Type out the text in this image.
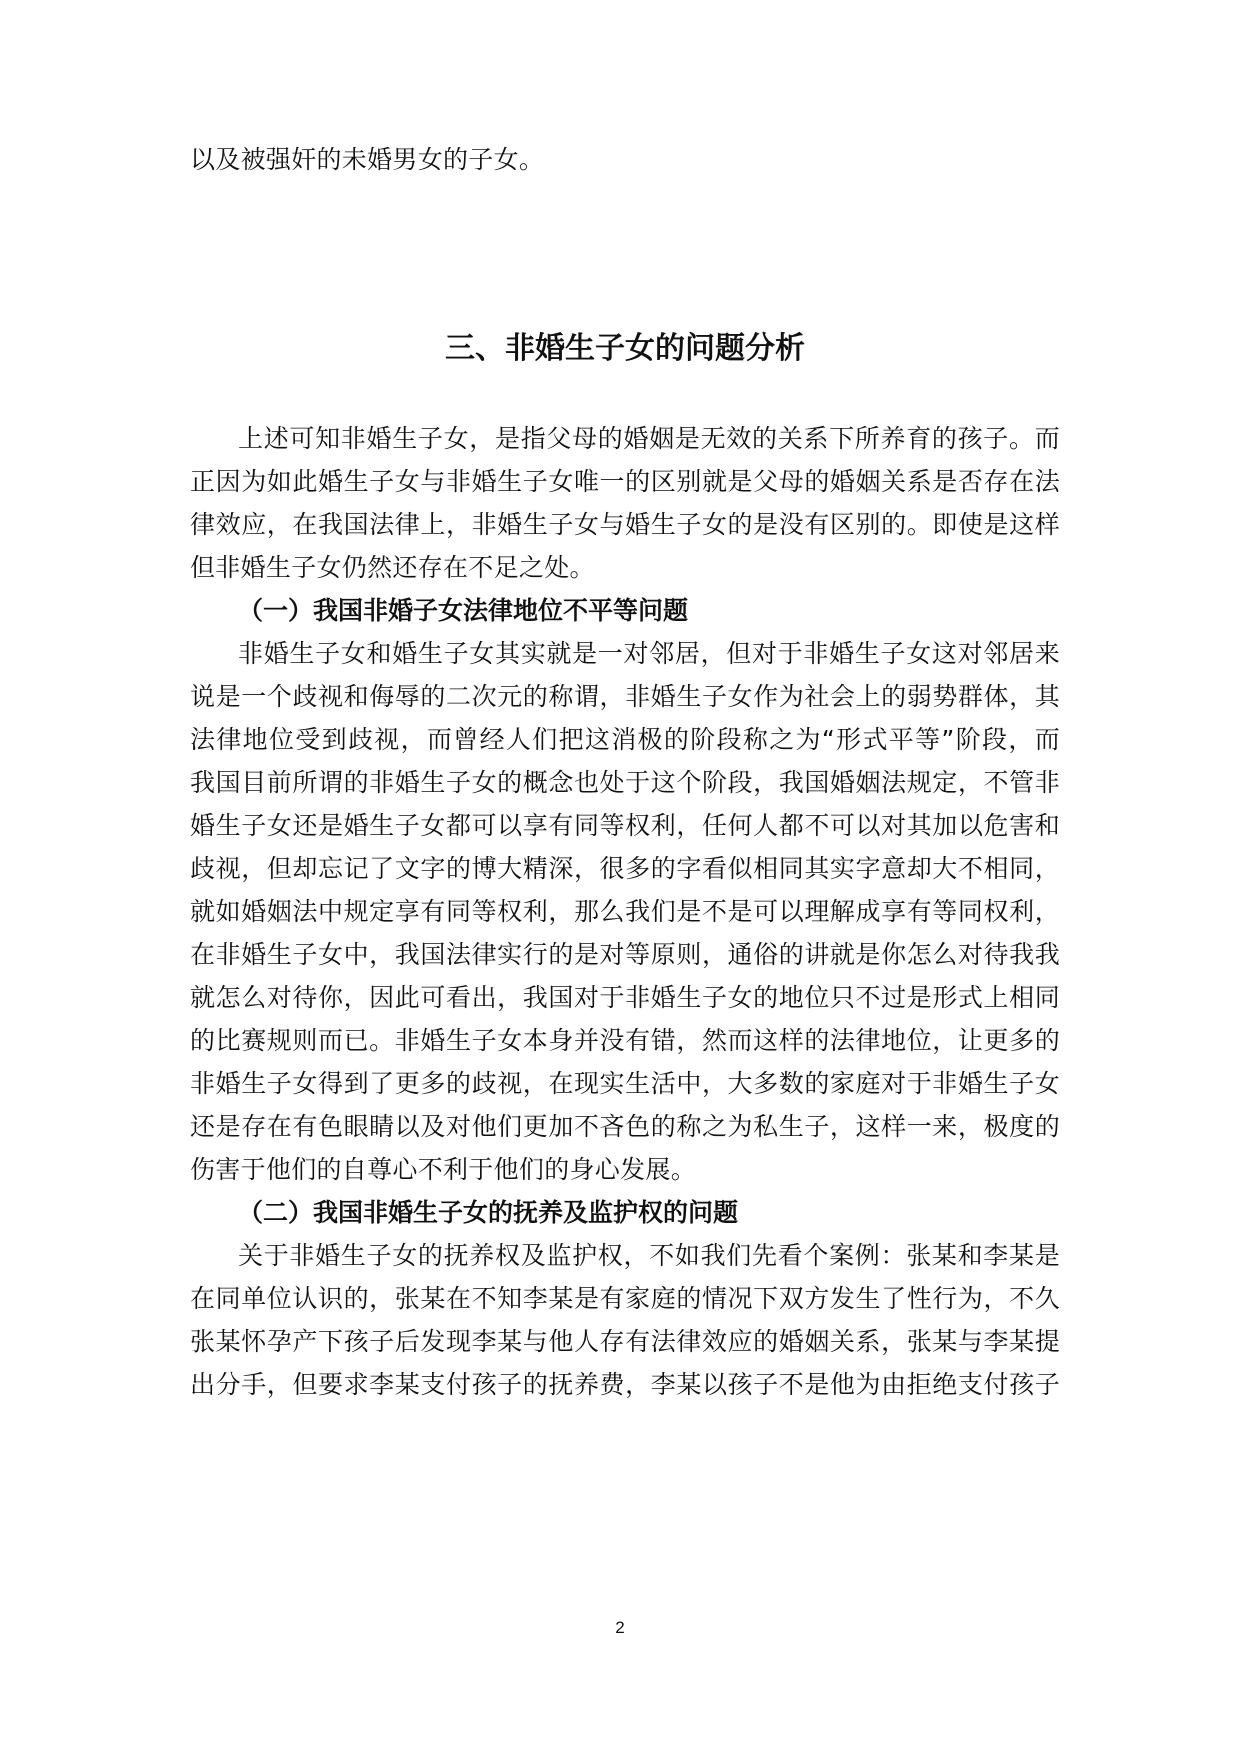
以及被强奸的未婚男女的子女。
三、非婚生子女的问题分析
上述可知非婚生子女，是指父母的婚姻是无效的关系下所养育的孩子。而
正因为如此婚生子女与非婚生子女唯一的区别就是父母的婚姻关系是否存在法
律效应，在我国法律上，非婚生子女与婚生子女的是没有区别的。即使是这样
但非婚生子女仍然还存在不足之处。
（一）我国非婚子女法律地位不平等问题
非婚生子女和婚生子女其实就是一对邻居，但对于非婚生子女这对邻居来
说是一个歧视和侮辱的二次元的称谓，非婚生子女作为社会上的弱势群体，其
法律地位受到歧视，而曾经人们把这消极的阶段称之为“形式平等”阶段，而
我国目前所谓的非婚生子女的概念也处于这个阶段，我国婚姻法规定，不管非
婚生子女还是婚生子女都可以享有同等权利，任何人都不可以对其加以危害和
歧视，但却忘记了文字的博大精深，很多的字看似相同其实字意却大不相同，
就如婚姻法中规定享有同等权利，那么我们是不是可以理解成享有等同权利，
在非婚生子女中，我国法律实行的是对等原则，通俗的讲就是你怎么对待我我
就怎么对待你，因此可看出，我国对于非婚生子女的地位只不过是形式上相同
的比赛规则而已。非婚生子女本身并没有错，然而这样的法律地位，让更多的
非婚生子女得到了更多的歧视，在现实生活中，大多数的家庭对于非婚生子女
还是存在有色眼睛以及对他们更加不吝色的称之为私生子，这样一来，极度的
伤害于他们的自尊心不利于他们的身心发展。
（二）我国非婚生子女的抚养及监护权的问题
关于非婚生子女的抚养权及监护权，不如我们先看个案例：张某和李某是
在同单位认识的，张某在不知李某是有家庭的情况下双方发生了性行为，不久
张某怀孕产下孩子后发现李某与他人存有法律效应的婚姻关系，张某与李某提
出分手，但要求李某支付孩子的抚养费，李某以孩子不是他为由拒绝支付孩子
2
